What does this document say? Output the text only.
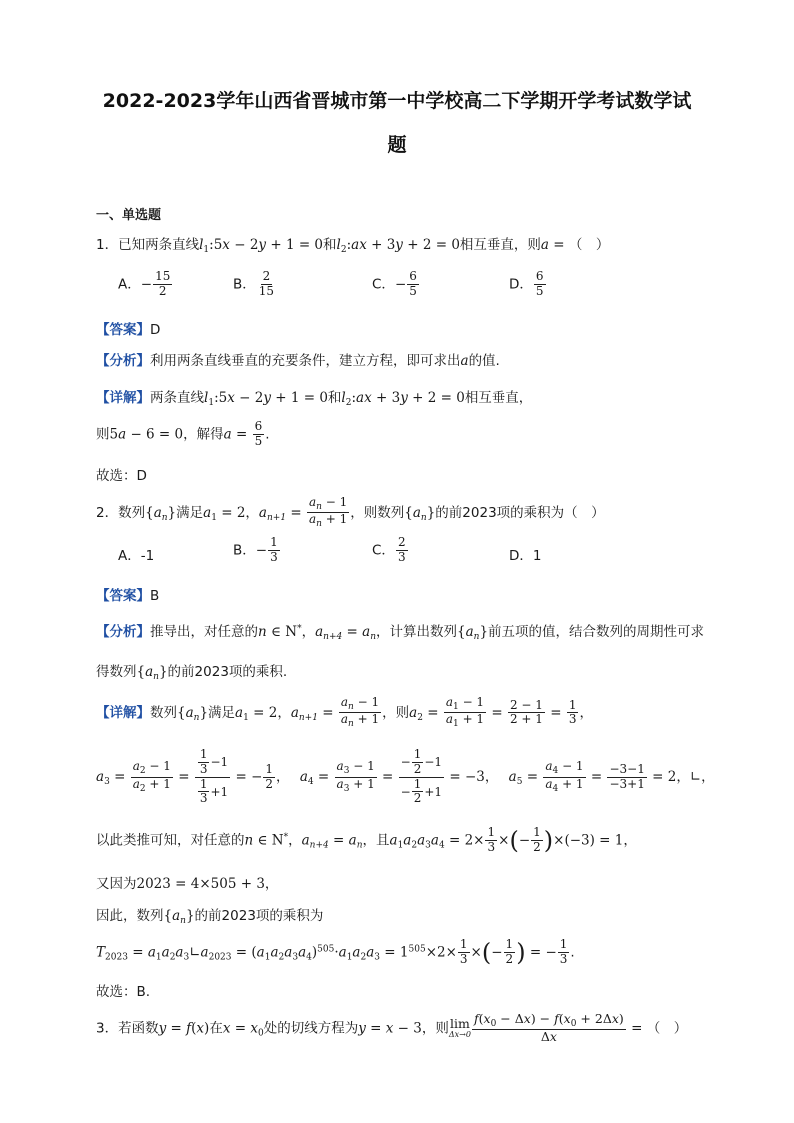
2022-2023学年山西省晋城市第一中学校高二下学期开学考试数学试
题
一、单选题
1．已知两条直线$l_1:5x - 2y + 1 = 0$和$l_2:ax + 3y + 2 = 0$相互垂直，则a = （　）
A．− $\frac{15}{2}$	B． $\frac{2}{15}$	C．− $\frac{6}{5}$	D． $\frac{6}{5}$
【答案】D
【分析】利用两条直线垂直的充要条件，建立方程，即可求出a的值.
【详解】两条直线$l_1:5x - 2y + 1 = 0$和$l_2:ax + 3y + 2 = 0$相互垂直，
则5a − 6 = 0，解得$a = \frac{6}{5}$ .
故选：D
2．数列$\{a_n\}$满足$a_1 = 2$，$a_{n+1} = \frac{a_n - 1}{a_n + 1}$ ，则数列$\{a_n\}$的前2023项的乘积为（　）
A．-1	B．− $\frac{1}{3}$	C． $\frac{2}{3}$	D．1
【答案】B
【分析】推导出，对任意的n ∈ N*，$a_{n+4} = a_n$，计算出数列$\{a_n\}$前五项的值，结合数列的周期性可求
得数列$\{a_n\}$的前2023项的乘积.
【详解】数列$\{a_n\}$满足$a_1 = 2$，$a_{n+1} = \frac{a_n - 1}{a_n + 1}$ ，则$a_2 = \frac{a_1 - 1}{a_1 + 1} = \frac{2 - 1}{2 + 1} = \frac{1}{3}$ ，
$a_3 = \frac{a_2 - 1}{a_2 + 1} = \frac{\frac{1}{3} -1}{\frac{1}{3} +1}$ = − $\frac{1}{2}$ ， $a_4 = \frac{a_3 - 1}{a_3 + 1} = \frac{- \frac{1}{2} -1}{- \frac{1}{2} +1} = -3$， $a_5 = \frac{a_4 - 1}{a_4 + 1} = \frac{-3-1}{-3+1} = 2$，∟，
以此类推可知，对任意的n ∈ N*，$a_{n+4} = a_n$，且$a_1a_2a_3a_4 = 2\times \frac{1}{3}$ ×(− $\frac{1}{2} )\times(-3) = 1$，
又因为2023 = 4×505 + 3，
因此，数列$\{a_n\}$的前2023项的乘积为
$T_{2023}$ = $a_1a_2a_3∟a_{2023} = (a_1a_2a_3a_4)^{505}\cdot a_1a_2a_3 = 1^{505}\times 2\times \frac{1}{3}$ ×(− $\frac{1}{2}$ ) = − $\frac{1}{3}$ .
故选：B.
3．若函数y = f(x)在$x = x_0$处的切线方程为y = x − 3，则 lim
$\Delta x\to 0 \frac{f(x_0 - \Delta x) - f(x_0 + 2\Delta x)}{\Delta x}$ = （　）
